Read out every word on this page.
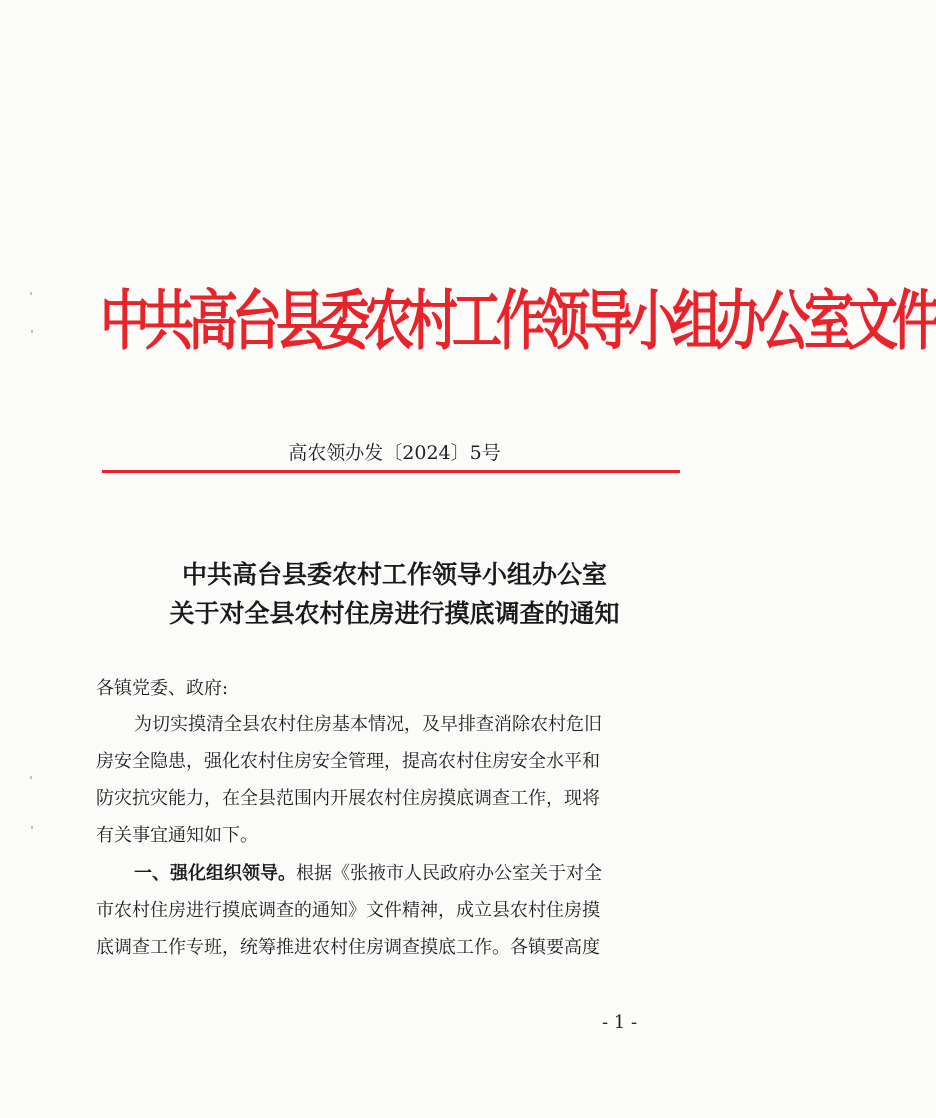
中共高台县委农村工作领导小组办公室文件
高农领办发〔2024〕5号
中共高台县委农村工作领导小组办公室
关于对全县农村住房进行摸底调查的通知
各镇党委、政府:
为切实摸清全县农村住房基本情况，及早排查消除农村危旧
房安全隐患，强化农村住房安全管理，提高农村住房安全水平和
防灾抗灾能力，在全县范围内开展农村住房摸底调查工作，现将
有关事宜通知如下。
一、强化组织领导。根据《张掖市人民政府办公室关于对全
市农村住房进行摸底调查的通知》文件精神，成立县农村住房摸
底调查工作专班，统筹推进农村住房调查摸底工作。各镇要高度
- 1 -
